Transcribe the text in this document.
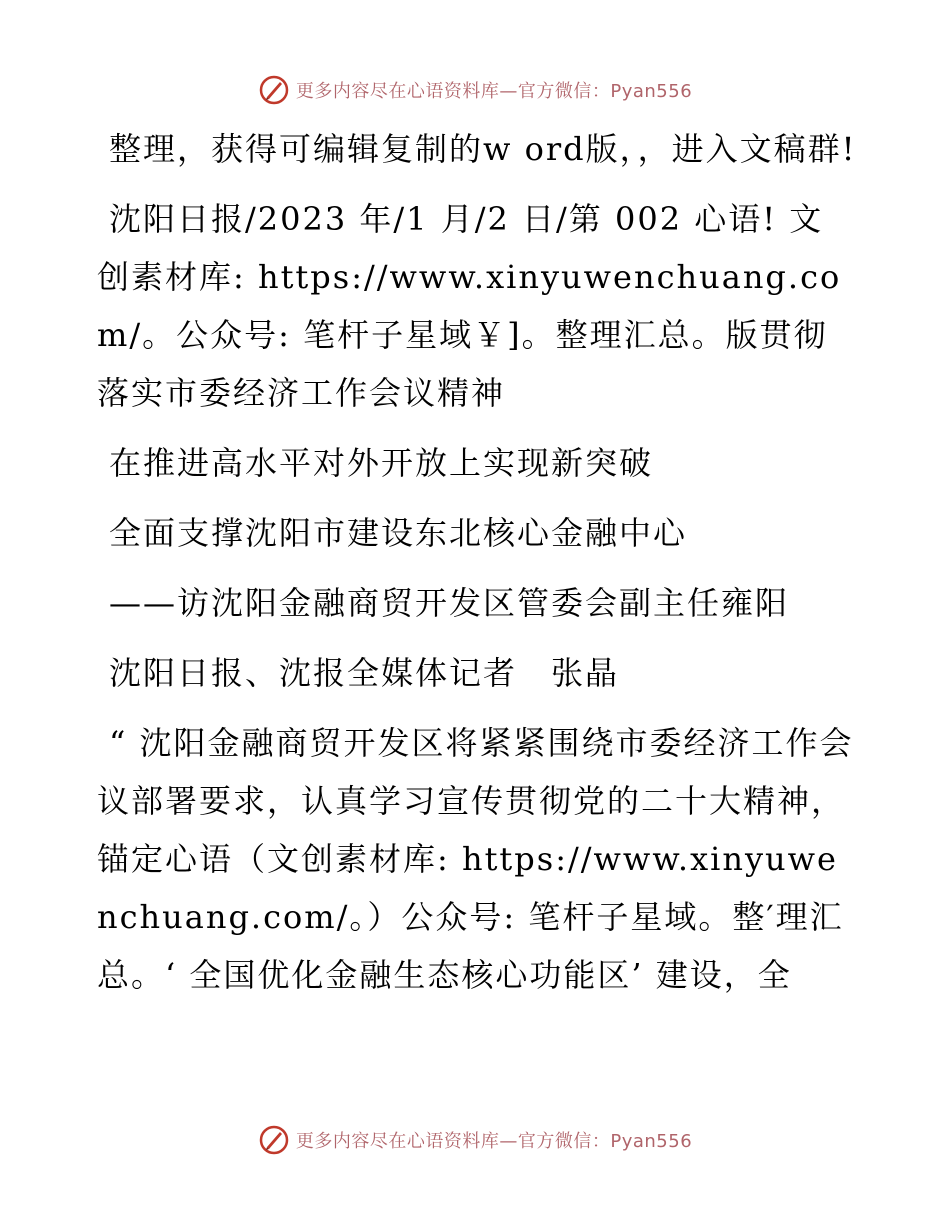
更多内容尽在心语资料库—官方微信：Pyan556

整理，获得可编辑复制的w ord版，，进入文稿群!

沈阳日报/2023 年/1 月/2 日/第 002 心语! 文创素材库: https://www.xinyuwenchuang.com/。公众号: 笔杆子星域￥]。整理汇总。版贯彻落实市委经济工作会议精神

在推进高水平对外开放上实现新突破

全面支撑沈阳市建设东北核心金融中心

——访沈阳金融商贸开发区管委会副主任雍阳

沈阳日报、沈报全媒体记者　张晶

“ 沈阳金融商贸开发区将紧紧围绕市委经济工作会议部署要求，认真学习宣传贯彻党的二十大精神，锚定心语（文创素材库: https://www.xinyuwenchuang.com/。）公众号: 笔杆子星域。整′理汇总。‘ 全国优化金融生态核心功能区’ 建设，全

更多内容尽在心语资料库—官方微信：Pyan556
